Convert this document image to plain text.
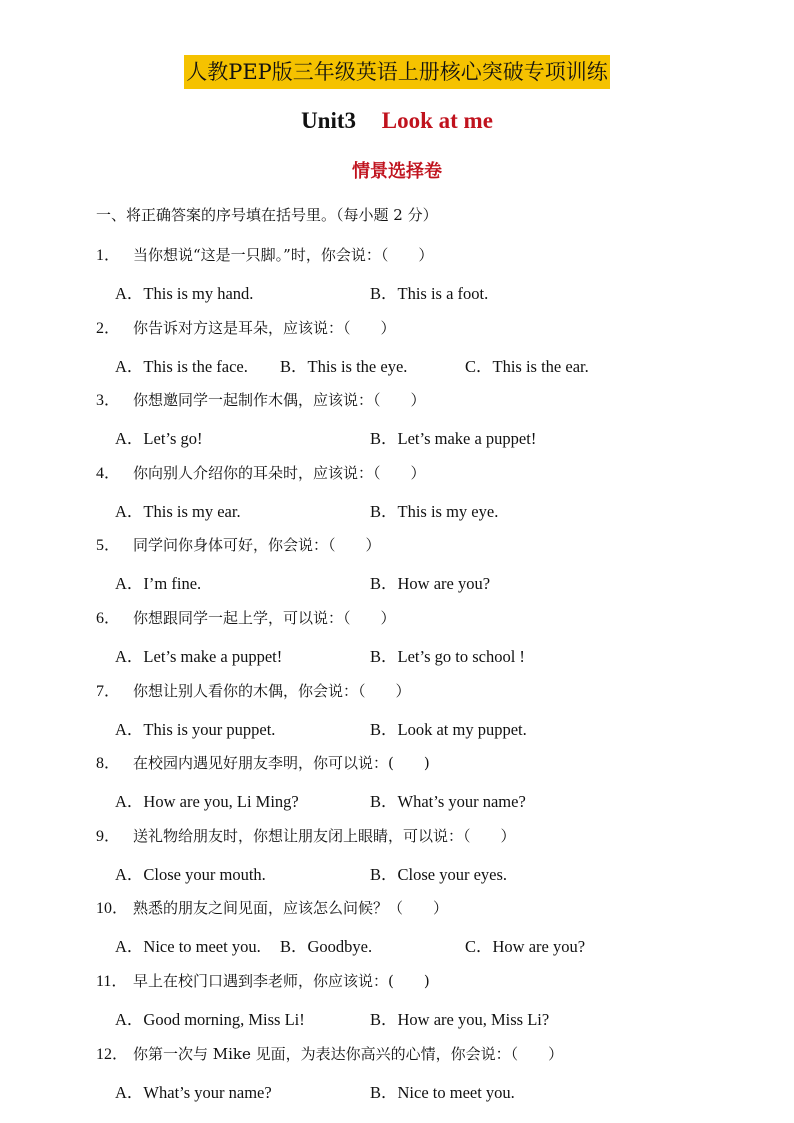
人教PEP版三年级英语上册核心突破专项训练
Unit3 Look at me
情景选择卷
一、将正确答案的序号填在括号里。（每小题 2 分）
1． 当你想说“这是一只脚。”时，你会说：（　　）
A．This is my hand.	B．This is a foot.
2． 你告诉对方这是耳朵，应该说：（　　）
A．This is the face. B．This is the eye.	C．This is the ear.
3． 你想邀同学一起制作木偶，应该说：（　　）
A．Let’s go!	B．Let’s make a puppet!
4． 你向别人介绍你的耳朵时，应该说：（　　）
A．This is my ear.	B．This is my eye.
5． 同学问你身体可好，你会说：（　　）
A．I’m fine.	B．How are you?
6． 你想跟同学一起上学，可以说：（　　）
A．Let’s make a puppet!	B．Let’s go to school !
7． 你想让别人看你的木偶，你会说：（　　）
A．This is your puppet.	B．Look at my puppet.
8． 在校园内遇见好朋友李明，你可以说：(　　)
A．How are you, Li Ming?	B．What’s your name?
9． 送礼物给朋友时，你想让朋友闭上眼睛，可以说：（　　）
A．Close your mouth.	B．Close your eyes.
10． 熟悉的朋友之间见面，应该怎么问候？（　　）
A．Nice to meet you. B．Goodbye.	C．How are you?
11． 早上在校门口遇到李老师，你应该说：(　　)
A．Good morning, Miss Li!	B．How are you, Miss Li?
12． 你第一次与 Mike 见面，为表达你高兴的心情，你会说：（　　）
A．What’s your name?	B．Nice to meet you.
